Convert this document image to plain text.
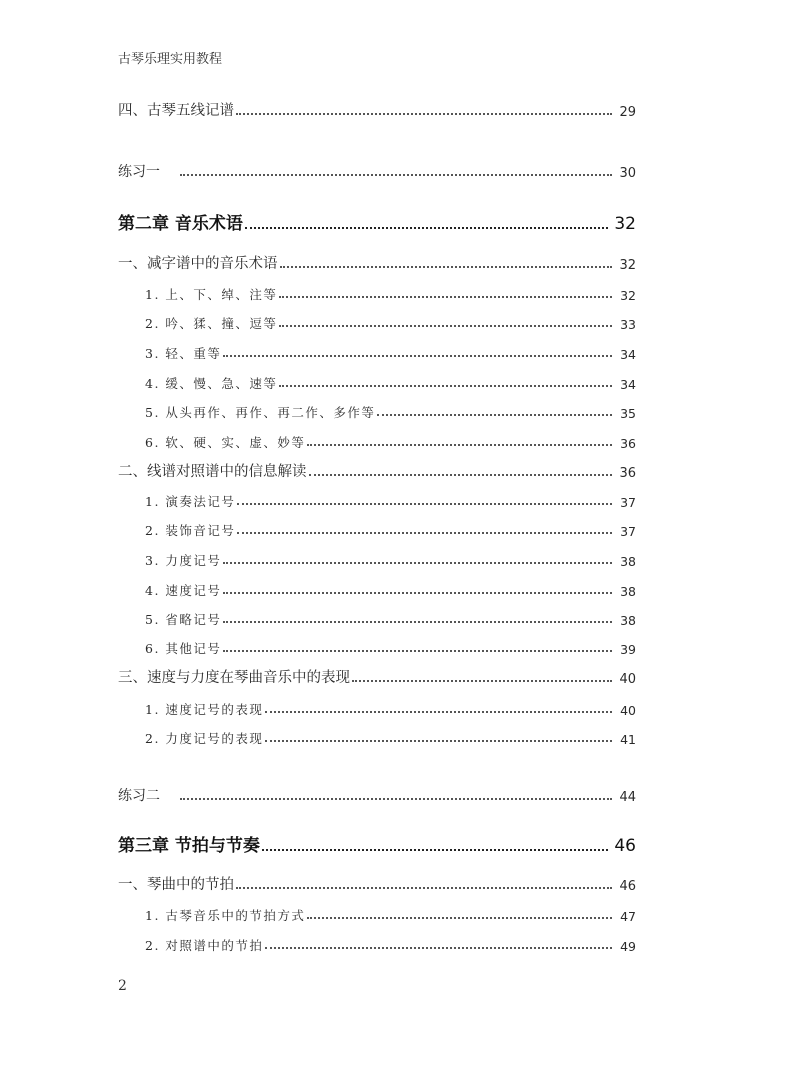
古琴乐理实用教程
四、古琴五线记谱	29
练习一	30
第二章 音乐术语	32
一、减字谱中的音乐术语	32
1. 上、下、绰、注等	32
2. 吟、猱、撞、逗等	33
3. 轻、重等	34
4. 缓、慢、急、速等	34
5. 从头再作、再作、再二作、多作等	35
6. 软、硬、实、虚、妙等	36
二、线谱对照谱中的信息解读	36
1. 演奏法记号	37
2. 装饰音记号	37
3. 力度记号	38
4. 速度记号	38
5. 省略记号	38
6. 其他记号	39
三、速度与力度在琴曲音乐中的表现	40
1. 速度记号的表现	40
2. 力度记号的表现	41
练习二	44
第三章 节拍与节奏	46
一、琴曲中的节拍	46
1. 古琴音乐中的节拍方式	47
2. 对照谱中的节拍	49
2
